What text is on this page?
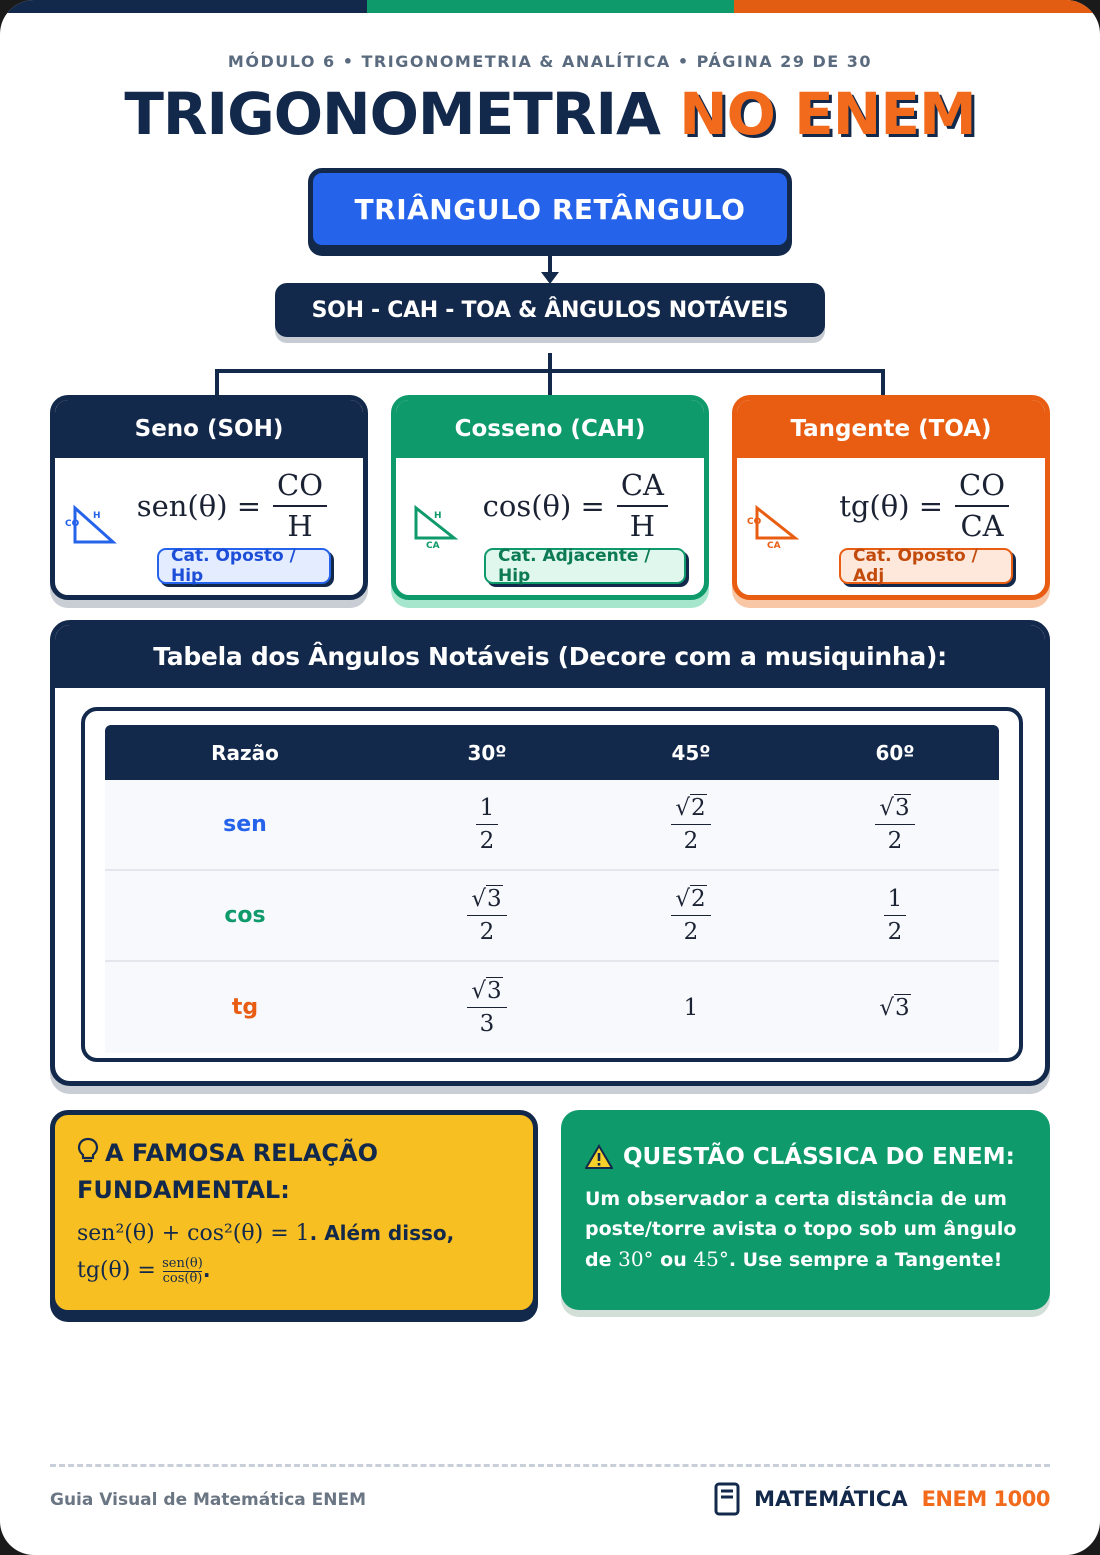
MÓDULO 6 • TRIGONOMETRIA & ANALÍTICA • PÁGINA 29 DE 30
TRIGONOMETRIA NO ENEM
TRIÂNGULO RETÂNGULO
SOH - CAH - TOA & ÂNGULOS NOTÁVEIS
Seno (SOH)
CO
H $sen(\theta) = \frac{CO}{H}$
Cat. Oposto / Hip
Cosseno (CAH)
H
CA
$\cos(\theta) = \frac{CA}{H}$
Cat. Adjacente / Hip
Tangente (TOA)
CO
CA
$tg(\theta) = \frac{CO}{CA}$
Cat. Oposto / Adj
Tabela dos Ângulos Notáveis (Decore com a musiquinha):
Razão	30º	45º	60º
sen	$\frac{1}{2}$	$\frac{√2}{2}$	$\frac{√3}{2}$
cos	$\frac{√3}{2}$	$\frac{√2}{2}$	$\frac{1}{2}$
tg	$\frac{√3}{3}$	1	√3
A FAMOSA RELAÇÃO FUNDAMENTAL:
sen²(θ) + cos²(θ) = 1. Além disso,
tg(θ) = sen(θ)
cos(θ) .
QUESTÃO CLÁSSICA DO ENEM:
Um observador a certa distância de um poste/torre avista o topo sob um ângulo de 30° ou 45°. Use sempre a Tangente!
Guia Visual de Matemática ENEM	MATEMÁTICA ENEM 1000
